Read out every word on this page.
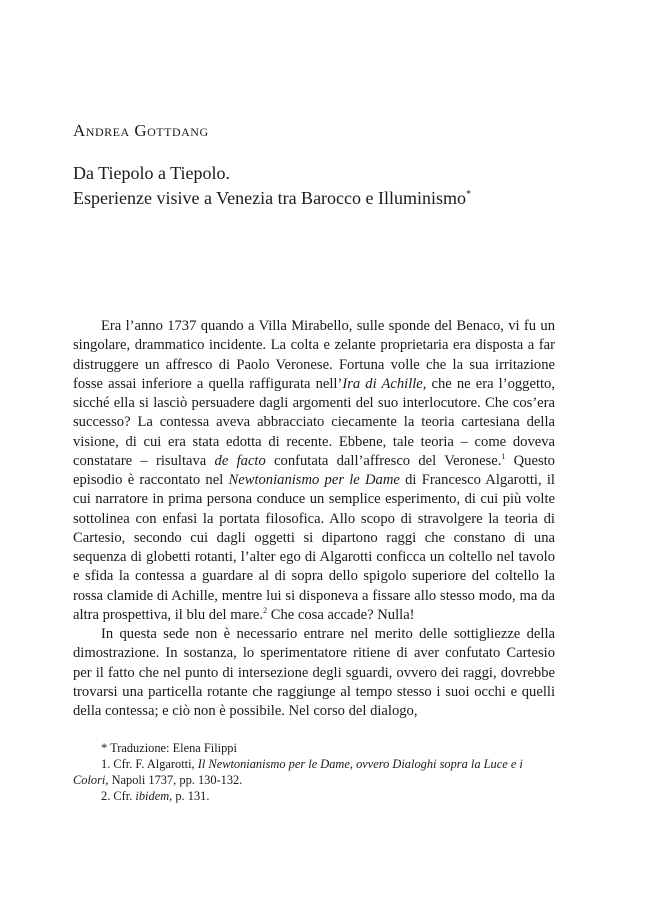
Andrea Gottdang
Da Tiepolo a Tiepolo.
Esperienze visive a Venezia tra Barocco e Illuminismo*

Era l’anno 1737 quando a Villa Mirabello, sulle sponde del Benaco, vi fu un singolare, drammatico incidente. La colta e zelante proprietaria era disposta a far distruggere un affresco di Paolo Veronese. Fortuna volle che la sua irritazione fosse assai inferiore a quella raffigurata nell’Ira di Achille, che ne era l’oggetto, sicché ella si lasciò persuadere dagli argomenti del suo interlocutore. Che cos’era successo? La contessa aveva abbracciato ciecamente la teoria cartesiana della visione, di cui era stata edotta di recente. Ebbene, tale teoria – come doveva constatare – risultava de facto confutata dall’affresco del Veronese.$^1$ Questo episodio è raccontato nel Newtonianismo per le Dame di Francesco Algarotti, il cui narratore in prima persona conduce un semplice esperimento, di cui più volte sottolinea con enfasi la portata filosofica. Allo scopo di stravolgere la teoria di Cartesio, secondo cui dagli oggetti si dipartono raggi che constano di una sequenza di globetti rotanti, l’alter ego di Algarotti conficca un coltello nel tavolo e sfida la contessa a guardare al di sopra dello spigolo superiore del coltello la rossa clamide di Achille, mentre lui si disponeva a fissare allo stesso modo, ma da altra prospettiva, il blu del mare.$^2$ Che cosa accade? Nulla!

In questa sede non è necessario entrare nel merito delle sottigliezze della dimostrazione. In sostanza, lo sperimentatore ritiene di aver confutato Cartesio per il fatto che nel punto di intersezione degli sguardi, ovvero dei raggi, dovrebbe trovarsi una particella rotante che raggiunge al tempo stesso i suoi occhi e quelli della contessa; e ciò non è possibile. Nel corso del dialogo,

* Traduzione: Elena Filippi
1. Cfr. F. Algarotti, Il Newtonianismo per le Dame, ovvero Dialoghi sopra la Luce e i Colori, Napoli 1737, pp. 130-132.
2. Cfr. ibidem, p. 131.
